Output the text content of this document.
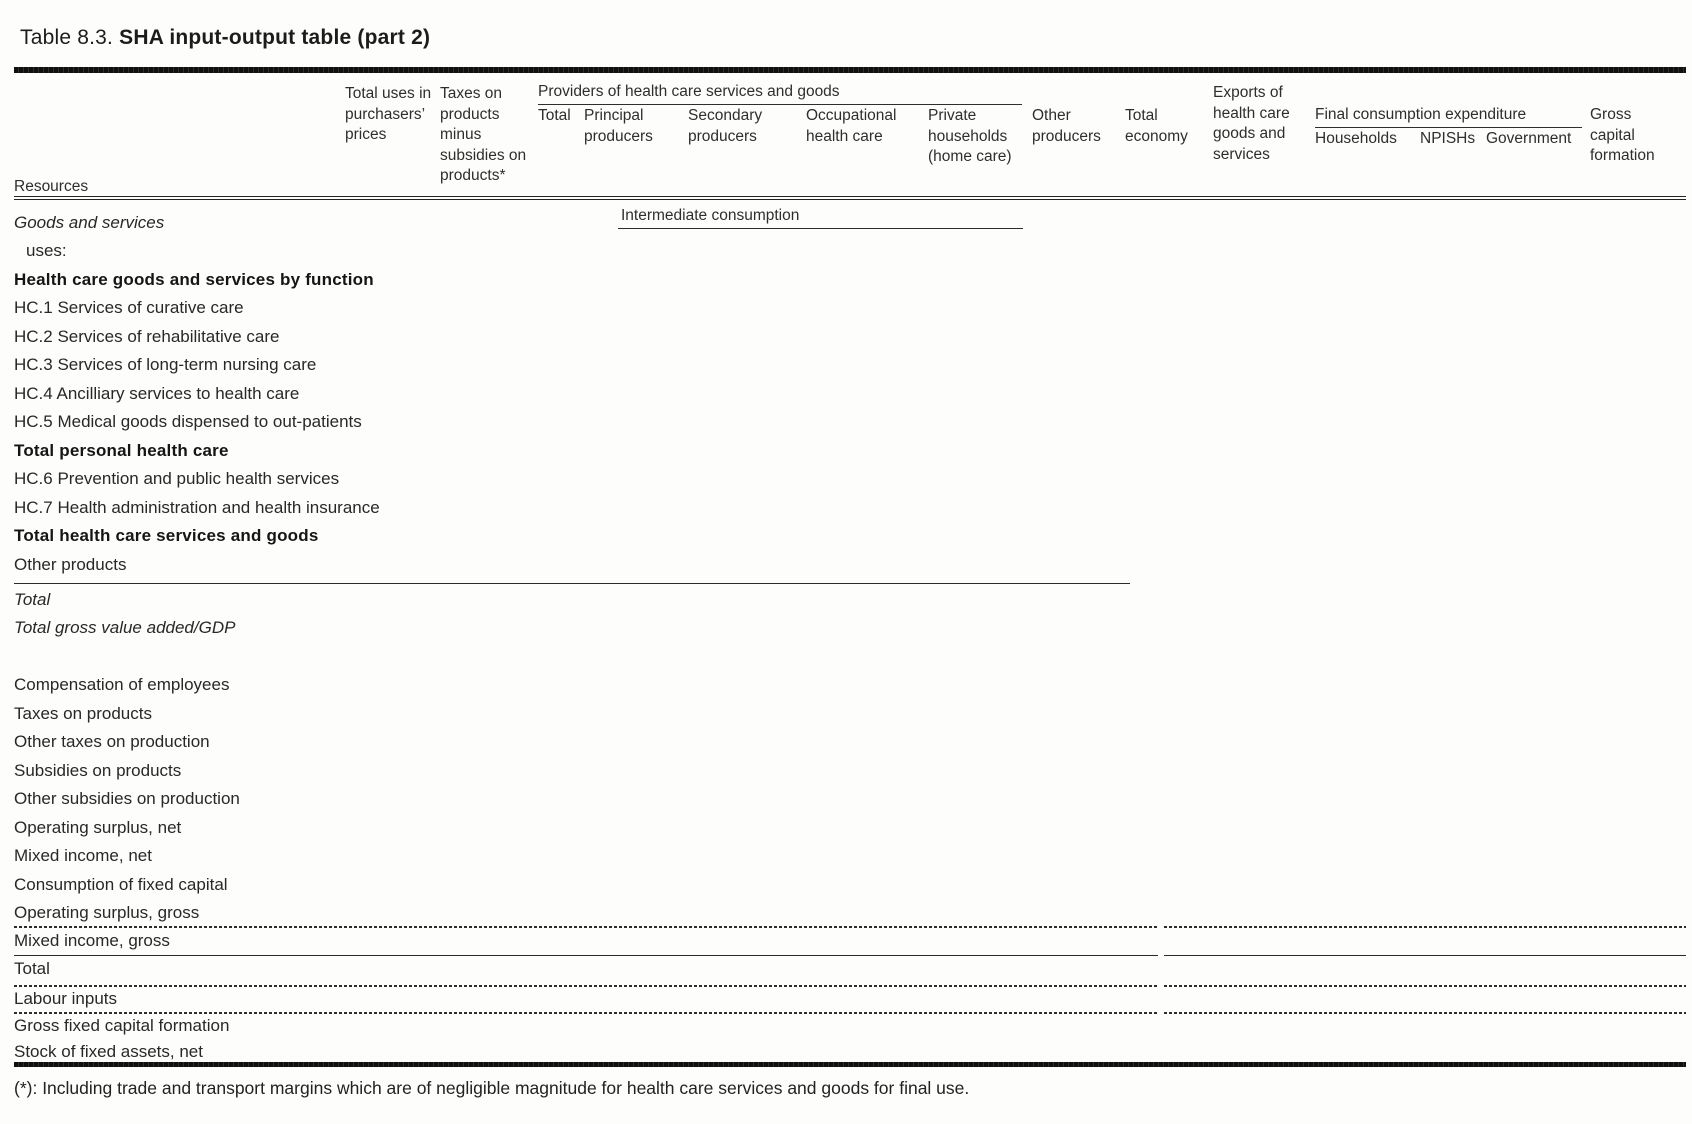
Table 8.3. SHA input-output table (part 2)
Total uses in purchasers’ prices
Taxes on products minus subsidies on products*
Providers of health care services and goods
Total Principal producers
Secondary producers
Occupational health care
Private households (home care)
Other producers
Total economy
Exports of health care goods and services
Final consumption expenditure
Households	NPISHs Government
Gross capital formation
Resources
Intermediate consumption
Goods and services
uses:
Health care goods and services by function
HC.1 Services of curative care
HC.2 Services of rehabilitative care
HC.3 Services of long-term nursing care
HC.4 Ancilliary services to health care
HC.5 Medical goods dispensed to out-patients
Total personal health care
HC.6 Prevention and public health services
HC.7 Health administration and health insurance
Total health care services and goods
Other products
Total
Total gross value added/GDP
Compensation of employees
Taxes on products
Other taxes on production
Subsidies on products
Other subsidies on production
Operating surplus, net
Mixed income, net
Consumption of fixed capital
Operating surplus, gross
Mixed income, gross
Total
Labour inputs
Gross fixed capital formation
Stock of fixed assets, net
(*): Including trade and transport margins which are of negligible magnitude for health care services and goods for final use.
